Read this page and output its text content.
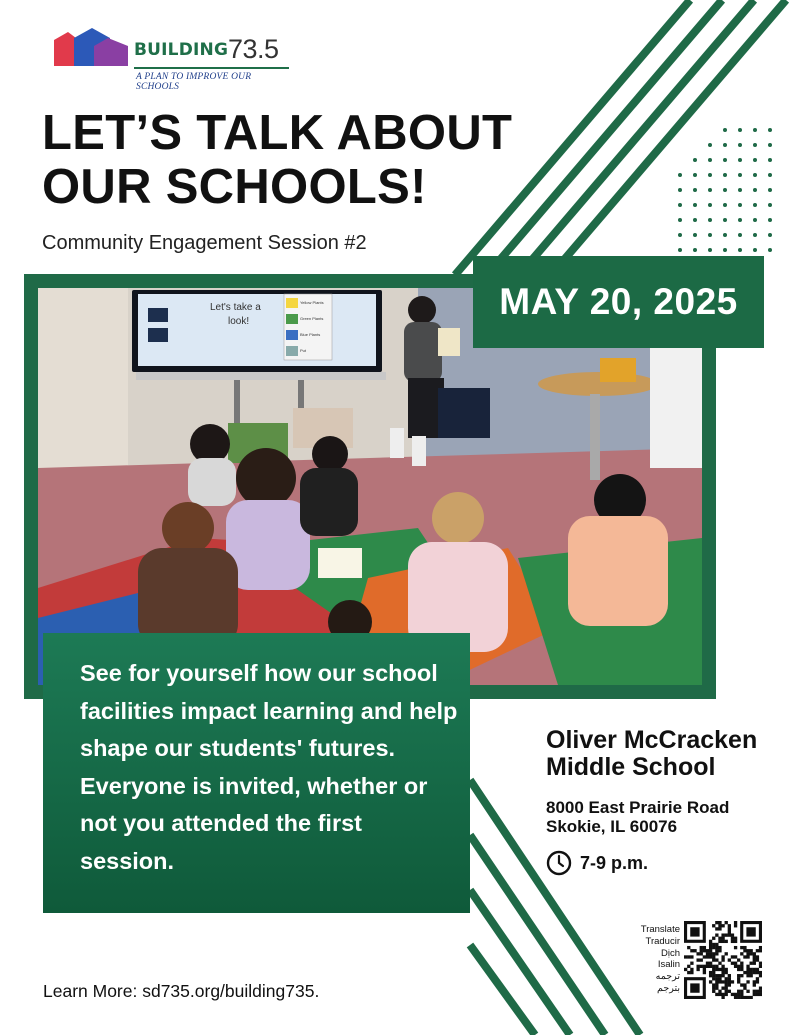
BUILDING 73.5
A PLAN TO IMPROVE OUR SCHOOLS
LET’S TALK ABOUT
OUR SCHOOLS!
Community Engagement Session #2
Let's take a
look!
Yellow Plants
Green Plants
Blue Plants
Put
MAY 20, 2025
See for yourself how our school facilities impact learning and help shape our students' futures. Everyone is invited, whether or not you attended the first session.
Oliver McCracken
Middle School
8000 East Prairie Road
Skokie, IL 60076
7-9 p.m.
Learn More: sd735.org/building735.
Translate
Traducir
Dịch
Isalin
ترجمه
بترجم
